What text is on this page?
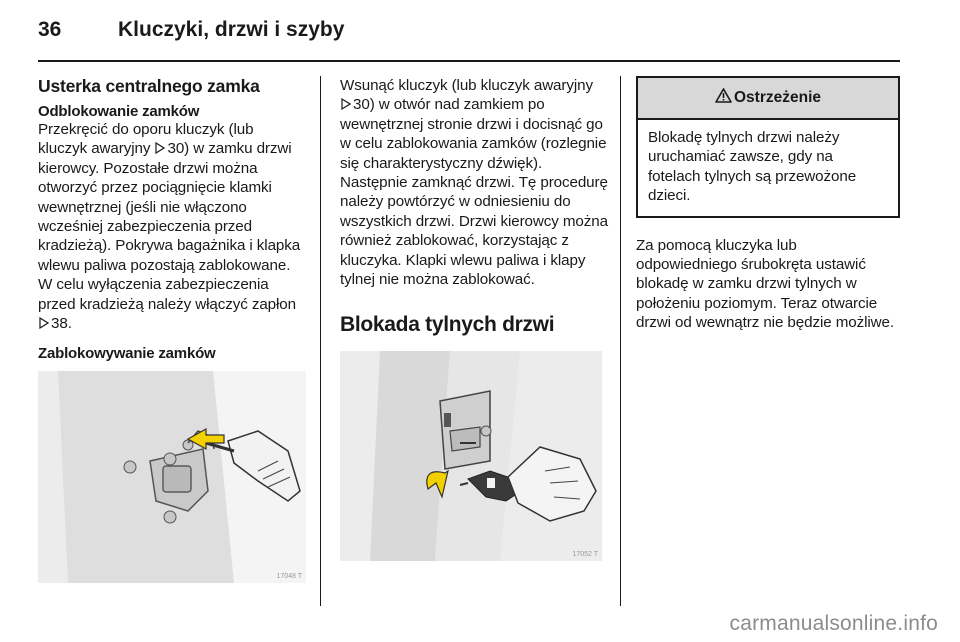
36	Kluczyki, drzwi i szyby
Usterka centralnego zamka
Odblokowanie zamków

Przekręcić do oporu kluczyk (lub kluczyk awaryjny 30) w zamku drzwi kierowcy. Pozostałe drzwi można otworzyć przez pociągnięcie klamki wewnętrznej (jeśli nie włączono wcześniej zabezpieczenia przed kradzieżą). Pokrywa bagażnika i klapka wlewu paliwa pozostają zablokowane. W celu wyłączenia zabezpieczenia przed kradzieżą należy włączyć zapłon 38.

Zablokowywanie zamków
17048 T

Wsunąć kluczyk (lub kluczyk awaryjny 30) w otwór nad zamkiem po wewnętrznej stronie drzwi i docisnąć go w celu zablokowania zamków (rozlegnie się charakterystyczny dźwięk). Następnie zamknąć drzwi. Tę procedurę należy powtórzyć w odniesieniu do wszystkich drzwi. Drzwi kierowcy można również zablokować, korzystając z kluczyka. Klapki wlewu paliwa i klapy tylnej nie można zablokować.

Blokada tylnych drzwi
17052 T
Ostrzeżenie

Blokadę tylnych drzwi należy uruchamiać zawsze, gdy na fotelach tylnych są przewożone dzieci.

Za pomocą kluczyka lub odpowiedniego śrubokręta ustawić blokadę w zamku drzwi tylnych w położeniu poziomym. Teraz otwarcie drzwi od wewnątrz nie będzie możliwe.

carmanualsonline.info
